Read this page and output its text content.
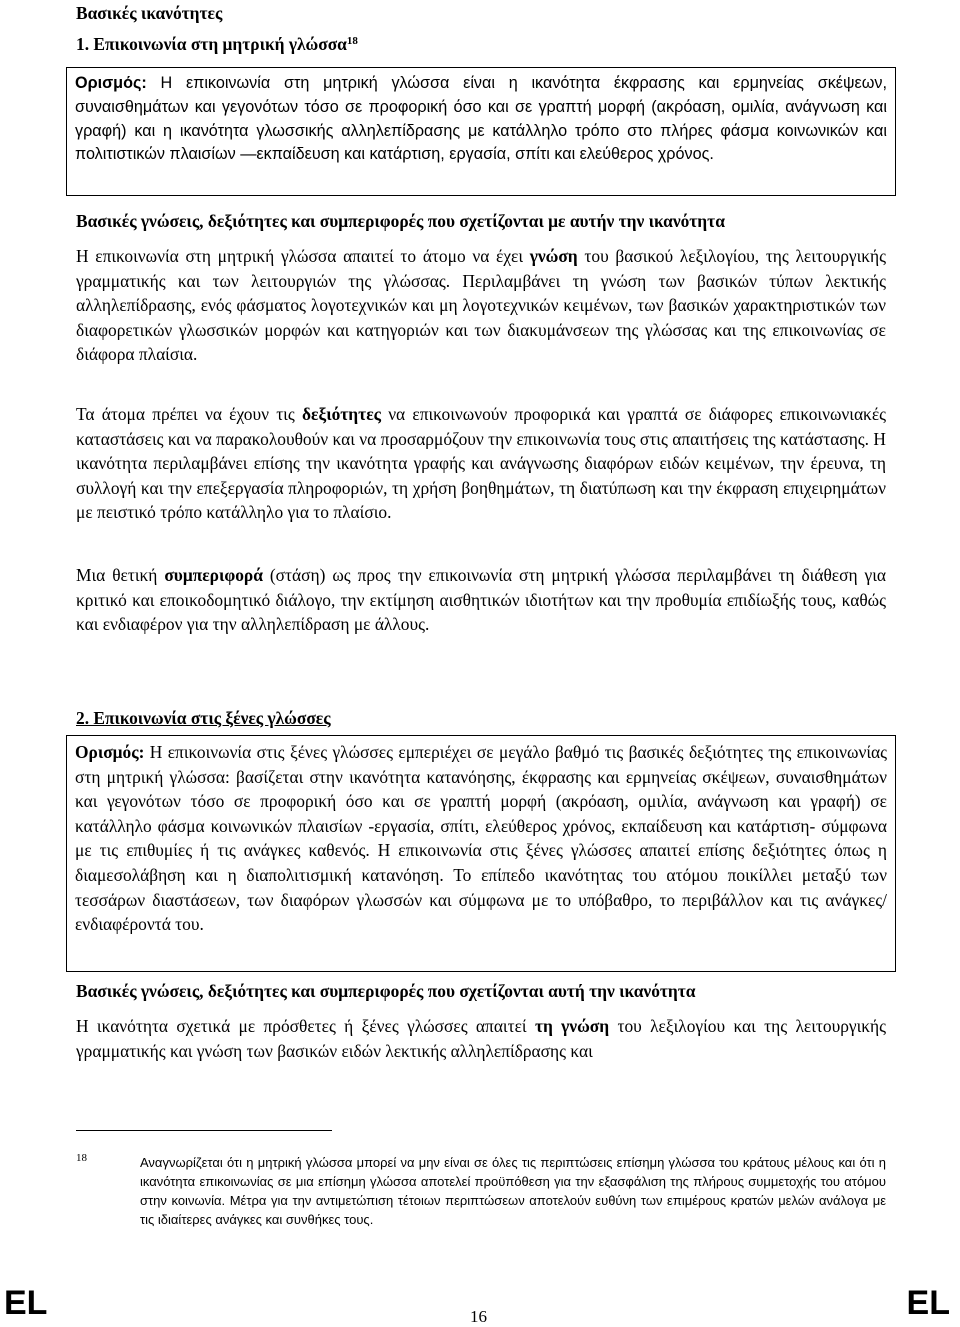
Βασικές ικανότητες

1. Επικοινωνία στη μητρική γλώσσα$^{18}$

Ορισμός: Η επικοινωνία στη μητρική γλώσσα είναι η ικανότητα έκφρασης και ερμηνείας σκέψεων, συναισθημάτων και γεγονότων τόσο σε προφορική όσο και σε γραπτή μορφή (ακρόαση, ομιλία, ανάγνωση και γραφή) και η ικανότητα γλωσσικής αλληλεπίδρασης με κατάλληλο τρόπο στο πλήρες φάσμα κοινωνικών και πολιτιστικών πλαισίων —εκπαίδευση και κατάρτιση, εργασία, σπίτι και ελεύθερος χρόνος.

Βασικές γνώσεις, δεξιότητες και συμπεριφορές που σχετίζονται με αυτήν την ικανότητα

Η επικοινωνία στη μητρική γλώσσα απαιτεί το άτομο να έχει γνώση του βασικού λεξιλογίου, της λειτουργικής γραμματικής και των λειτουργιών της γλώσσας. Περιλαμβάνει τη γνώση των βασικών τύπων λεκτικής αλληλεπίδρασης, ενός φάσματος λογοτεχνικών και μη λογοτεχνικών κειμένων, των βασικών χαρακτηριστικών των διαφορετικών γλωσσικών μορφών και κατηγοριών και των διακυμάνσεων της γλώσσας και της επικοινωνίας σε διάφορα πλαίσια.

Τα άτομα πρέπει να έχουν τις δεξιότητες να επικοινωνούν προφορικά και γραπτά σε διάφορες επικοινωνιακές καταστάσεις και να παρακολουθούν και να προσαρμόζουν την επικοινωνία τους στις απαιτήσεις της κατάστασης. Η ικανότητα περιλαμβάνει επίσης την ικανότητα γραφής και ανάγνωσης διαφόρων ειδών κειμένων, την έρευνα, τη συλλογή και την επεξεργασία πληροφοριών, τη χρήση βοηθημάτων, τη διατύπωση και την έκφραση επιχειρημάτων με πειστικό τρόπο κατάλληλο για το πλαίσιο.

Μια θετική συμπεριφορά (στάση) ως προς την επικοινωνία στη μητρική γλώσσα περιλαμβάνει τη διάθεση για κριτικό και εποικοδομητικό διάλογο, την εκτίμηση αισθητικών ιδιοτήτων και την προθυμία επιδίωξής τους, καθώς και ενδιαφέρον για την αλληλεπίδραση με άλλους.

2. Επικοινωνία στις ξένες γλώσσες

Ορισμός: Η επικοινωνία στις ξένες γλώσσες εμπεριέχει σε μεγάλο βαθμό τις βασικές δεξιότητες της επικοινωνίας στη μητρική γλώσσα: βασίζεται στην ικανότητα κατανόησης, έκφρασης και ερμηνείας σκέψεων, συναισθημάτων και γεγονότων τόσο σε προφορική όσο και σε γραπτή μορφή (ακρόαση, ομιλία, ανάγνωση και γραφή) σε κατάλληλο φάσμα κοινωνικών πλαισίων -εργασία, σπίτι, ελεύθερος χρόνος, εκπαίδευση και κατάρτιση- σύμφωνα με τις επιθυμίες ή τις ανάγκες καθενός. Η επικοινωνία στις ξένες γλώσσες απαιτεί επίσης δεξιότητες όπως η διαμεσολάβηση και η διαπολιτισμική κατανόηση. Το επίπεδο ικανότητας του ατόμου ποικίλλει μεταξύ των τεσσάρων διαστάσεων, των διαφόρων γλωσσών και σύμφωνα με το υπόβαθρο, το περιβάλλον και τις ανάγκες/ενδιαφέροντά του.

Βασικές γνώσεις, δεξιότητες και συμπεριφορές που σχετίζονται αυτή την ικανότητα

Η ικανότητα σχετικά με πρόσθετες ή ξένες γλώσσες απαιτεί τη γνώση του λεξιλογίου και της λειτουργικής γραμματικής και γνώση των βασικών ειδών λεκτικής αλληλεπίδρασης και

18	Αναγνωρίζεται ότι η μητρική γλώσσα μπορεί να μην είναι σε όλες τις περιπτώσεις επίσημη γλώσσα του κράτους μέλους και ότι η ικανότητα επικοινωνίας σε μια επίσημη γλώσσα αποτελεί προϋπόθεση για την εξασφάλιση της πλήρους συμμετοχής του ατόμου στην κοινωνία. Μέτρα για την αντιμετώπιση τέτοιων περιπτώσεων αποτελούν ευθύνη των επιμέρους κρατών μελών ανάλογα με τις ιδιαίτερες ανάγκες και συνθήκες τους.

EL	16	EL
